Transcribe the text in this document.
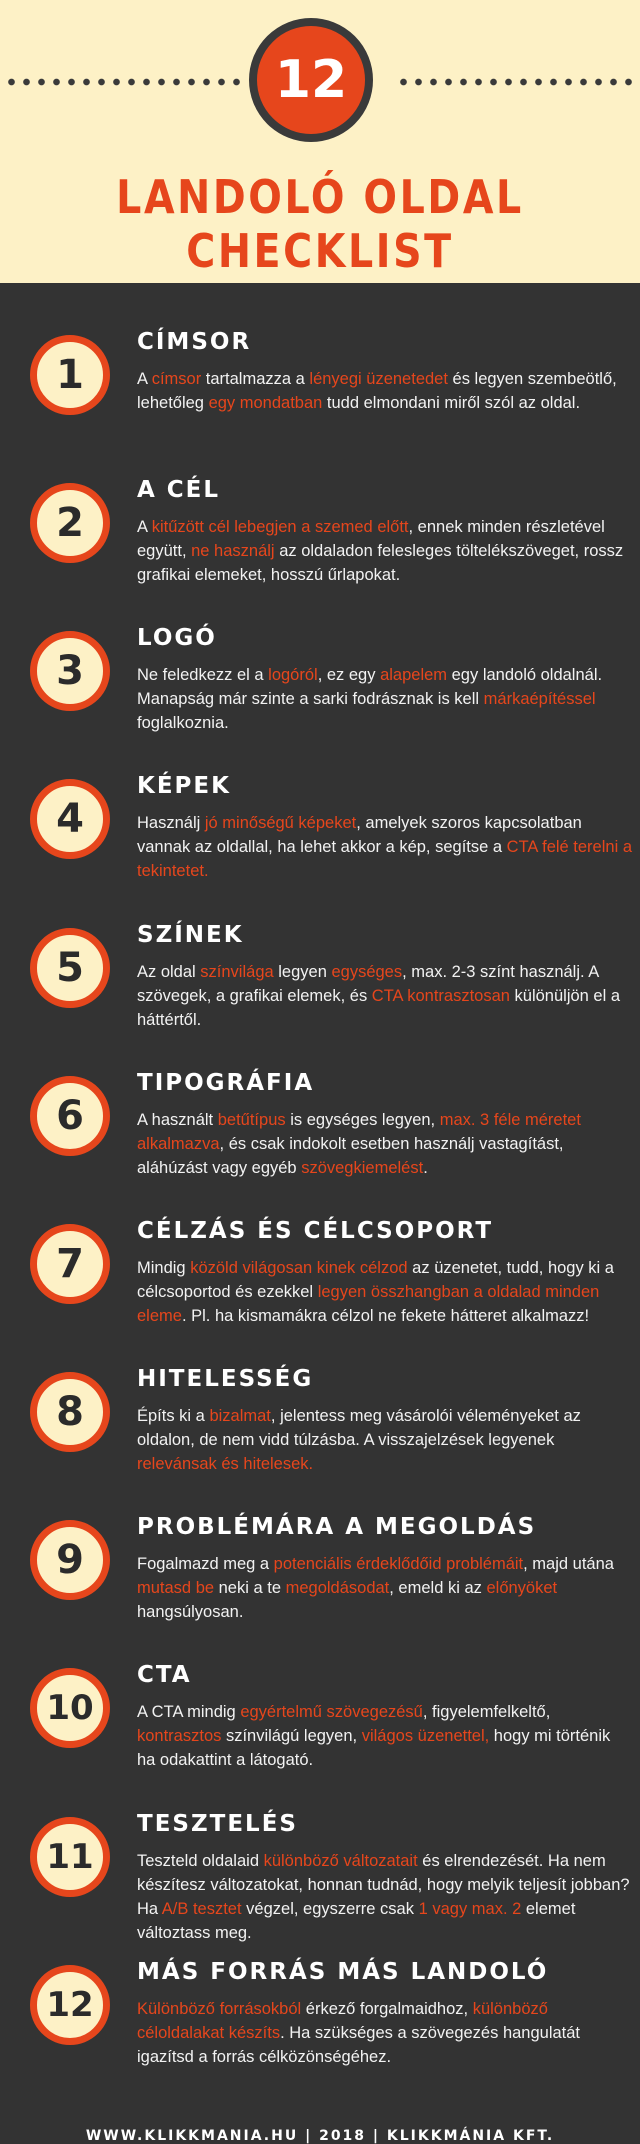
12
LANDOLÓ OLDAL CHECKLIST
1
CÍMSOR
A címsor tartalmazza a lényegi üzenetedet és legyen szembeötlő, lehetőleg egy mondatban tudd elmondani miről szól az oldal.
2
A CÉL
A kitűzött cél lebegjen a szemed előtt, ennek minden részletével együtt, ne használj az oldaladon felesleges töltelékszöveget, rossz grafikai elemeket, hosszú űrlapokat.
3
LOGÓ
Ne feledkezz el a logóról, ez egy alapelem egy landoló oldalnál. Manapság már szinte a sarki fodrásznak is kell márkaépítéssel foglalkoznia.
4
KÉPEK
Használj jó minőségű képeket, amelyek szoros kapcsolatban vannak az oldallal, ha lehet akkor a kép, segítse a CTA felé terelni a tekintetet.
5
SZÍNEK
Az oldal színvilága legyen egységes, max. 2-3 színt használj. A szövegek, a grafikai elemek, és CTA kontrasztosan különüljön el a háttértől.
6
TIPOGRÁFIA
A használt betűtípus is egységes legyen, max. 3 féle méretet alkalmazva, és csak indokolt esetben használj vastagítást, aláhúzást vagy egyéb szövegkiemelést.
7
CÉLZÁS ÉS CÉLCSOPORT
Mindig közöld világosan kinek célzod az üzenetet, tudd, hogy ki a célcsoportod és ezekkel legyen összhangban a oldalad minden eleme. Pl. ha kismamákra célzol ne fekete hátteret alkalmazz!
8
HITELESSÉG
Építs ki a bizalmat, jelentess meg vásárolói véleményeket az oldalon, de nem vidd túlzásba. A visszajelzések legyenek relevánsak és hitelesek.
9
PROBLÉMÁRA A MEGOLDÁS
Fogalmazd meg a potenciális érdeklődőid problémáit, majd utána mutasd be neki a te megoldásodat, emeld ki az előnyöket hangsúlyosan.
10
CTA
A CTA mindig egyértelmű szövegezésű, figyelemfelkeltő, kontrasztos színvilágú legyen, világos üzenettel, hogy mi történik ha odakattint a látogató.
11
TESZTELÉS
Teszteld oldalaid különböző változatait és elrendezését. Ha nem készítesz változatokat, honnan tudnád, hogy melyik teljesít jobban? Ha A/B tesztet végzel, egyszerre csak 1 vagy max. 2 elemet változtass meg.
12
MÁS FORRÁS MÁS LANDOLÓ
Különböző forrásokból érkező forgalmaidhoz, különböző céloldalakat készíts. Ha szükséges a szövegezés hangulatát igazítsd a forrás célközönségéhez.
WWW.KLIKKMANIA.HU | 2018 | KLIKKMÁNIA KFT.
